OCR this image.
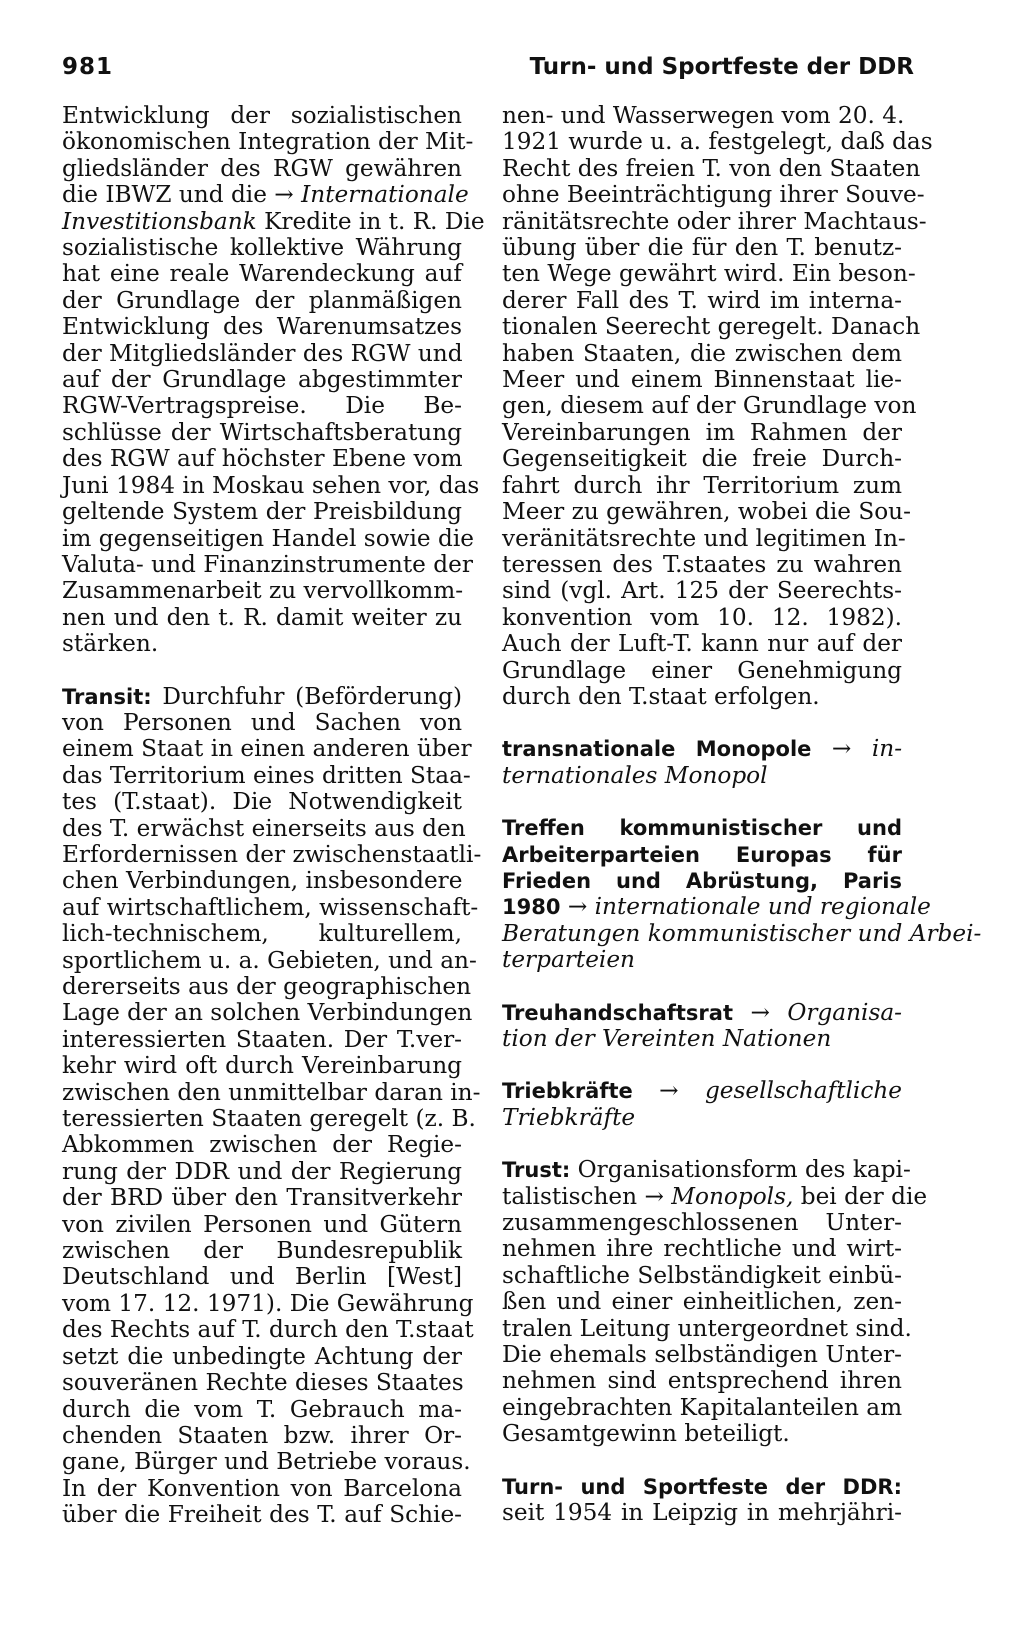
981	Turn- und Sportfeste der DDR
Entwicklung der sozialistischen
ökonomischen Integration der Mit-
gliedsländer des RGW gewähren
die IBWZ und die → Internationale
Investitionsbank Kredite in t. R. Die
sozialistische kollektive Währung
hat eine reale Warendeckung auf
der Grundlage der planmäßigen
Entwicklung des Warenumsatzes
der Mitgliedsländer des RGW und
auf der Grundlage abgestimmter
RGW-Vertragspreise. Die Be-
schlüsse der Wirtschaftsberatung
des RGW auf höchster Ebene vom
Juni 1984 in Moskau sehen vor, das
geltende System der Preisbildung
im gegenseitigen Handel sowie die
Valuta- und Finanzinstrumente der
Zusammenarbeit zu vervollkomm-
nen und den t. R. damit weiter zu
stärken.
Transit: Durchfuhr (Beförderung)
von Personen und Sachen von
einem Staat in einen anderen über
das Territorium eines dritten Staa-
tes (T.staat). Die Notwendigkeit
des T. erwächst einerseits aus den
Erfordernissen der zwischenstaatli-
chen Verbindungen, insbesondere
auf wirtschaftlichem, wissenschaft-
lich-technischem, kulturellem,
sportlichem u. a. Gebieten, und an-
dererseits aus der geographischen
Lage der an solchen Verbindungen
interessierten Staaten. Der T.ver-
kehr wird oft durch Vereinbarung
zwischen den unmittelbar daran in-
teressierten Staaten geregelt (z. B.
Abkommen zwischen der Regie-
rung der DDR und der Regierung
der BRD über den Transitverkehr
von zivilen Personen und Gütern
zwischen der Bundesrepublik
Deutschland und Berlin [West]
vom 17. 12. 1971). Die Gewährung
des Rechts auf T. durch den T.staat
setzt die unbedingte Achtung der
souveränen Rechte dieses Staates
durch die vom T. Gebrauch ma-
chenden Staaten bzw. ihrer Or-
gane, Bürger und Betriebe voraus.
In der Konvention von Barcelona
über die Freiheit des T. auf Schie-
nen- und Wasserwegen vom 20. 4.
1921 wurde u. a. festgelegt, daß das
Recht des freien T. von den Staaten
ohne Beeinträchtigung ihrer Souve-
ränitätsrechte oder ihrer Machtaus-
übung über die für den T. benutz-
ten Wege gewährt wird. Ein beson-
derer Fall des T. wird im interna-
tionalen Seerecht geregelt. Danach
haben Staaten, die zwischen dem
Meer und einem Binnenstaat lie-
gen, diesem auf der Grundlage von
Vereinbarungen im Rahmen der
Gegenseitigkeit die freie Durch-
fahrt durch ihr Territorium zum
Meer zu gewähren, wobei die Sou-
veränitätsrechte und legitimen In-
teressen des T.staates zu wahren
sind (vgl. Art. 125 der Seerechts-
konvention vom 10. 12. 1982).
Auch der Luft-T. kann nur auf der
Grundlage einer Genehmigung
durch den T.staat erfolgen.
transnationale Monopole → in-
ternationales Monopol
Treffen kommunistischer und
Arbeiterparteien Europas für
Frieden und Abrüstung, Paris
1980 → internationale und regionale
Beratungen kommunistischer und Arbei-
terparteien
Treuhandschaftsrat → Organisa-
tion der Vereinten Nationen
Triebkräfte → gesellschaftliche
Triebkräfte
Trust: Organisationsform des kapi-
talistischen → Monopols, bei der die
zusammengeschlossenen Unter-
nehmen ihre rechtliche und wirt-
schaftliche Selbständigkeit einbü-
ßen und einer einheitlichen, zen-
tralen Leitung untergeordnet sind.
Die ehemals selbständigen Unter-
nehmen sind entsprechend ihren
eingebrachten Kapitalanteilen am
Gesamtgewinn beteiligt.
Turn- und Sportfeste der DDR:
seit 1954 in Leipzig in mehrjähri-
